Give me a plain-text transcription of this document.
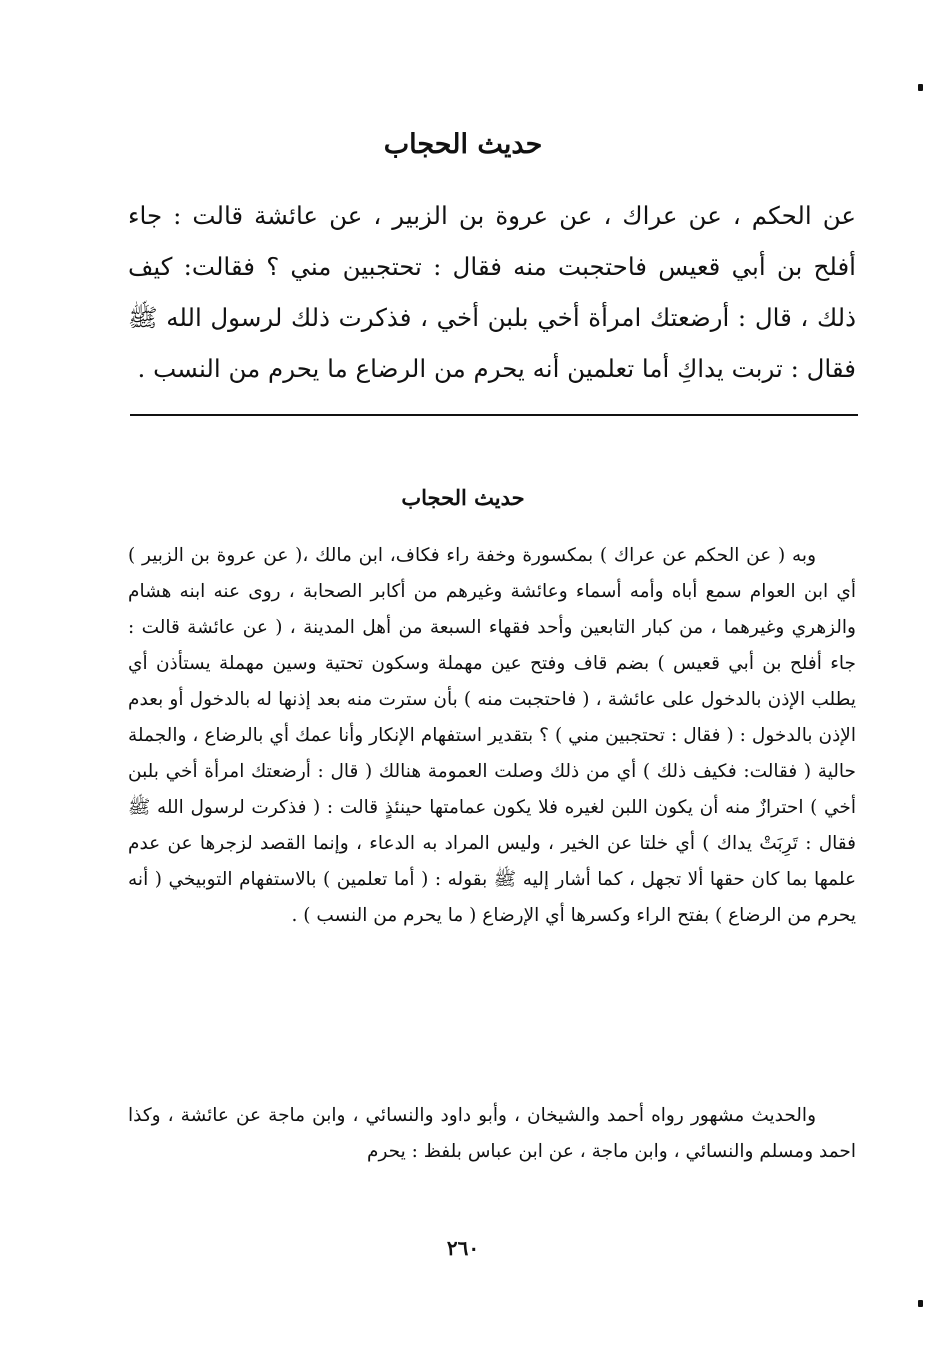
حديث الحجاب

عن الحكم ، عن عراك ، عن عروة بن الزبير ، عن عائشة قالت : جاء أفلح بن أبي قعيس فاحتجبت منه فقال : تحتجبين مني ؟ فقالت: كيف ذلك ، قال : أرضعتك امرأة أخي بلبن أخي ، فذكرت ذلك لرسول الله ﷺ فقال : تربت يداكِ أما تعلمين أنه يحرم من الرضاع ما يحرم من النسب .

حديث الحجاب

وبه ( عن الحكم عن عراك ) بمكسورة وخفة راء فكاف، ابن مالك ،( عن عروة بن الزبير ) أي ابن العوام سمع أباه وأمه أسماء وعائشة وغيرهم من أكابر الصحابة ، روى عنه ابنه هشام والزهري وغيرهما ، من كبار التابعين وأحد فقهاء السبعة من أهل المدينة ، ( عن عائشة قالت : جاء أفلح بن أبي قعيس ) بضم قاف وفتح عين مهملة وسكون تحتية وسين مهملة يستأذن أي يطلب الإذن بالدخول على عائشة ، ( فاحتجبت منه ) بأن سترت منه بعد إذنها له بالدخول أو بعدم الإذن بالدخول : ( فقال : تحتجبين مني ) ؟ بتقدير استفهام الإنكار وأنا عمك أي بالرضاع ، والجملة حالية ( فقالت: فكيف ذلك ) أي من ذلك وصلت العمومة هنالك ( قال : أرضعتك امرأة أخي بلبن أخي ) احترازٌ منه أن يكون اللبن لغيره فلا يكون عمامتها حينئذٍ قالت : ( فذكرت لرسول الله ﷺ فقال : تَرِبَتْ يداك ) أي خلتا عن الخير ، وليس المراد به الدعاء ، وإنما القصد لزجرها عن عدم علمها بما كان حقها ألا تجهل ، كما أشار إليه ﷺ بقوله : ( أما تعلمين ) بالاستفهام التوبيخي ( أنه يحرم من الرضاع ) بفتح الراء وكسرها أي الإرضاع ( ما يحرم من النسب ) .

والحديث مشهور رواه أحمد والشيخان ، وأبو داود والنسائي ، وابن ماجة عن عائشة ، وكذا احمد ومسلم والنسائي ، وابن ماجة ، عن ابن عباس بلفظ : يحرم

٢٦٠
